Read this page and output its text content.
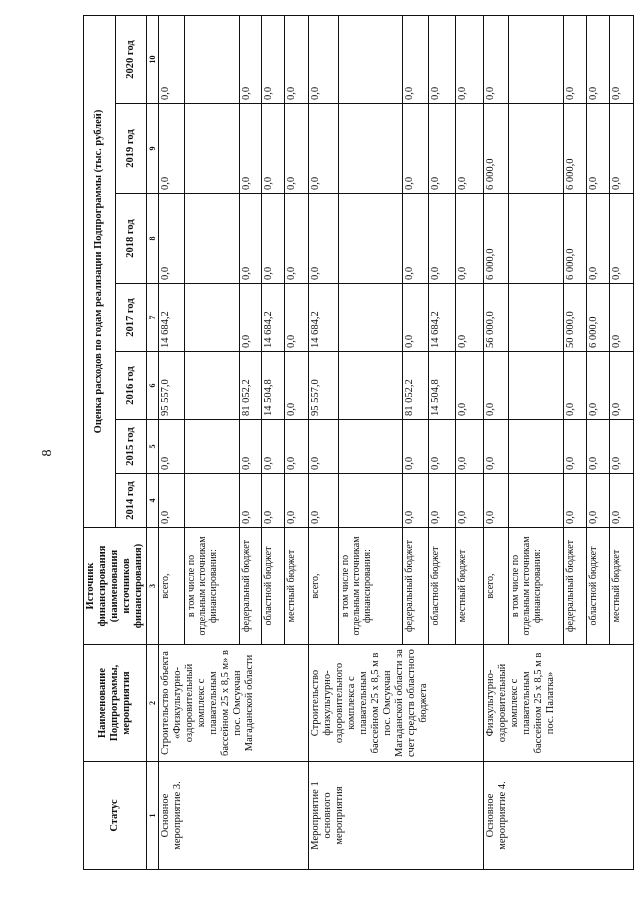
8
Статус	Наименование Подпрограммы, мероприятия	Источник финансирования (наименования источников финансирования)	Оценка расходов по годам реализации Подпрограммы (тыс. рублей)						
			2014 год	2015 год	2016 год	2017 год	2018 год	2019 год	2020 год
1	2	3	4	5	6	7	8	9	10
Основное мероприятие 3.	Строительство объекта «Физкультурно-оздоровительный комплекс с плавательным бассейном 25 х 8,5 м» в пос. Омсукчан Магаданской области	всего,	0,0	0,0	95 557,0	14 684,2	0,0	0,0	0,0
		в том числе по отдельным источникам финансирования:							
		федеральный бюджет	0,0	0,0	81 052,2	0,0	0,0	0,0	0,0
		областной бюджет	0,0	0,0	14 504,8	14 684,2	0,0	0,0	0,0
		местный бюджет	0,0	0,0	0,0	0,0	0,0	0,0	0,0
Мероприятие 1 основного мероприятия	Строительство физкультурно-оздоровительного комплекса с плавательным бассейном 25 х 8,5 м в пос. Омсукчан Магаданской области за счет средств областного бюджета	всего,	0,0	0,0	95 557,0	14 684,2	0,0	0,0	0,0
		в том числе по отдельным источникам финансирования:							
		федеральный бюджет	0,0	0,0	81 052,2	0,0	0,0	0,0	0,0
		областной бюджет	0,0	0,0	14 504,8	14 684,2	0,0	0,0	0,0
		местный бюджет	0,0	0,0	0,0	0,0	0,0	0,0	0,0
Основное мероприятие 4.	Физкультурно-оздоровительный комплекс с плавательным бассейном 25 х 8,5 м в пос. Палатка»	всего,	0,0	0,0	0,0	56 000,0	6 000,0	6 000,0	0,0
		в том числе по отдельным источникам финансирования:							
		федеральный бюджет	0,0	0,0	0,0	50 000,0	6 000,0	6 000,0	0,0
		областной бюджет	0,0	0,0	0,0	6 000,0	0,0	0,0	0,0
		местный бюджет	0,0	0,0	0,0	0,0	0,0	0,0	0,0
